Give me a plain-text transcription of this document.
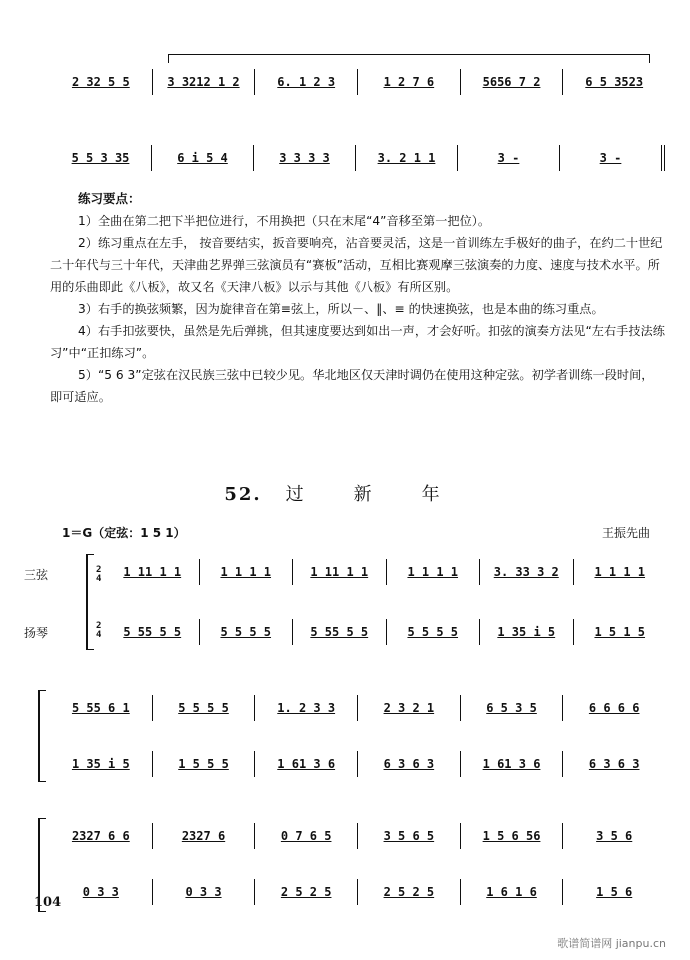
2 32 5 5	3 3212 1 2	6. 1 2 3	1 2 7 6	5656 7 2	6 5 3523
5 5 3 35	6 i 5 4	3 3 3 3	3. 2 1 1	3 -	3 -
练习要点：

1）全曲在第二把下半把位进行，不用换把（只在末尾“4”音移至第一把位）。

2）练习重点在左手， 按音要结实，扳音要响亮，沾音要灵活，这是一首训练左手极好的曲子，在约二十世纪二十年代与三十年代，天津曲艺界弹三弦演员有“赛板”活动，互相比赛观摩三弦演奏的力度、速度与技术水平。所用的乐曲即此《八板》，故又名《天津八板》以示与其他《八板》有所区别。

3）右手的换弦频繁，因为旋律音在第≡弦上，所以－、‖、≡ 的快速换弦，也是本曲的练习重点。

4）右手扣弦要快，虽然是先后弹挑，但其速度要达到如出一声，才会好听。扣弦的演奏方法见“左右手技法练习”中“正扣练习”。

5）“5 6 3”定弦在汉民族三弦中已较少见。华北地区仅天津时调仍在使用这种定弦。初学者训练一段时间，即可适应。

52. 过	新	年
1＝G（定弦：1 5 1）	王振先曲
三弦
扬琴
2
4
2
4
1 11 1 1	1 1 1 1	1 11 1 1	1 1 1 1	3. 33 3 2	1 1 1 1
5 55 5 5	5 5 5 5	5 55 5 5	5 5 5 5	1 35 i 5	1 5 1 5
5 55 6 1	5 5 5 5	1. 2 3 3	2 3 2 1	6 5 3 5	6 6 6 6
1 35 i 5	1 5 5 5	1 61 3 6	6 3 6 3	1 61 3 6	6 3 6 3
2327 6 6	2327 6	0 7 6 5	3 5 6 5	1 5 6 56	3 5 6
0 3 3	0 3 3	2 5 2 5	2 5 2 5	1 6 1 6	1 5 6
104
歌谱简谱网 jianpu.cn
